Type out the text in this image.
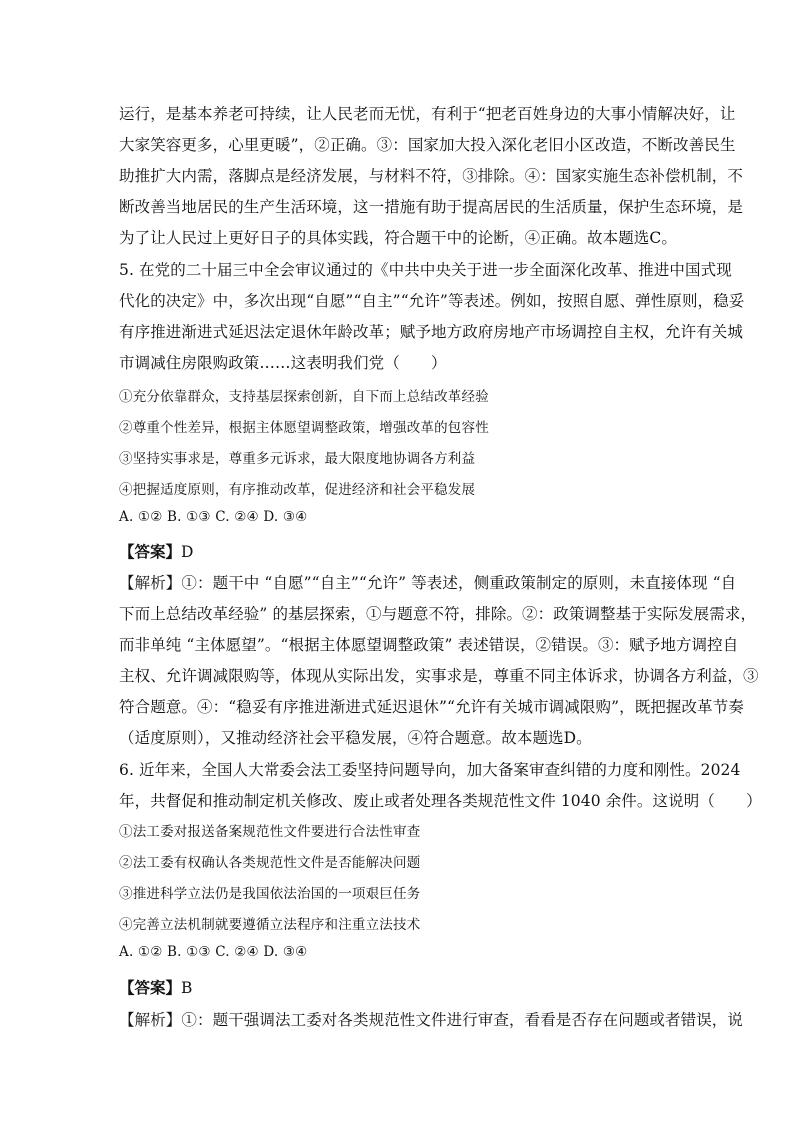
运行，是基本养老可持续，让人民老而无忧，有利于“把老百姓身边的大事小情解决好，让
大家笑容更多，心里更暖”，②正确。③：国家加大投入深化老旧小区改造，不断改善民生
助推扩大内需，落脚点是经济发展，与材料不符，③排除。④：国家实施生态补偿机制，不
断改善当地居民的生产生活环境，这一措施有助于提高居民的生活质量，保护生态环境，是
为了让人民过上更好日子的具体实践，符合题干中的论断，④正确。故本题选C。
5. 在党的二十届三中全会审议通过的《中共中央关于进一步全面深化改革、推进中国式现
代化的决定》中，多次出现“自愿”“自主”“允许”等表述。例如，按照自愿、弹性原则，稳妥
有序推进渐进式延迟法定退休年龄改革；赋予地方政府房地产市场调控自主权，允许有关城
市调减住房限购政策……这表明我们党（　　）
①充分依靠群众，支持基层探索创新，自下而上总结改革经验
②尊重个性差异，根据主体愿望调整政策，增强改革的包容性
③坚持实事求是，尊重多元诉求，最大限度地协调各方利益
④把握适度原则，有序推动改革，促进经济和社会平稳发展
A. ①② B. ①③ C. ②④ D. ③④
【答案】D
【解析】①：题干中 “自愿”“自主”“允许” 等表述，侧重政策制定的原则，未直接体现 “自
下而上总结改革经验” 的基层探索，①与题意不符，排除。②：政策调整基于实际发展需求，
而非单纯 “主体愿望”。“根据主体愿望调整政策” 表述错误，②错误。③：赋予地方调控自
主权、允许调减限购等，体现从实际出发，实事求是，尊重不同主体诉求，协调各方利益，③
符合题意。④：“稳妥有序推进渐进式延迟退休”“允许有关城市调减限购”，既把握改革节奏
（适度原则），又推动经济社会平稳发展，④符合题意。故本题选D。
6. 近年来，全国人大常委会法工委坚持问题导向，加大备案审查纠错的力度和刚性。2024
年，共督促和推动制定机关修改、废止或者处理各类规范性文件 1040 余件。这说明（　　）
①法工委对报送备案规范性文件要进行合法性审查
②法工委有权确认各类规范性文件是否能解决问题
③推进科学立法仍是我国依法治国的一项艰巨任务
④完善立法机制就要遵循立法程序和注重立法技术
A. ①② B. ①③ C. ②④ D. ③④
【答案】B
【解析】①：题干强调法工委对各类规范性文件进行审查，看看是否存在问题或者错误，说
